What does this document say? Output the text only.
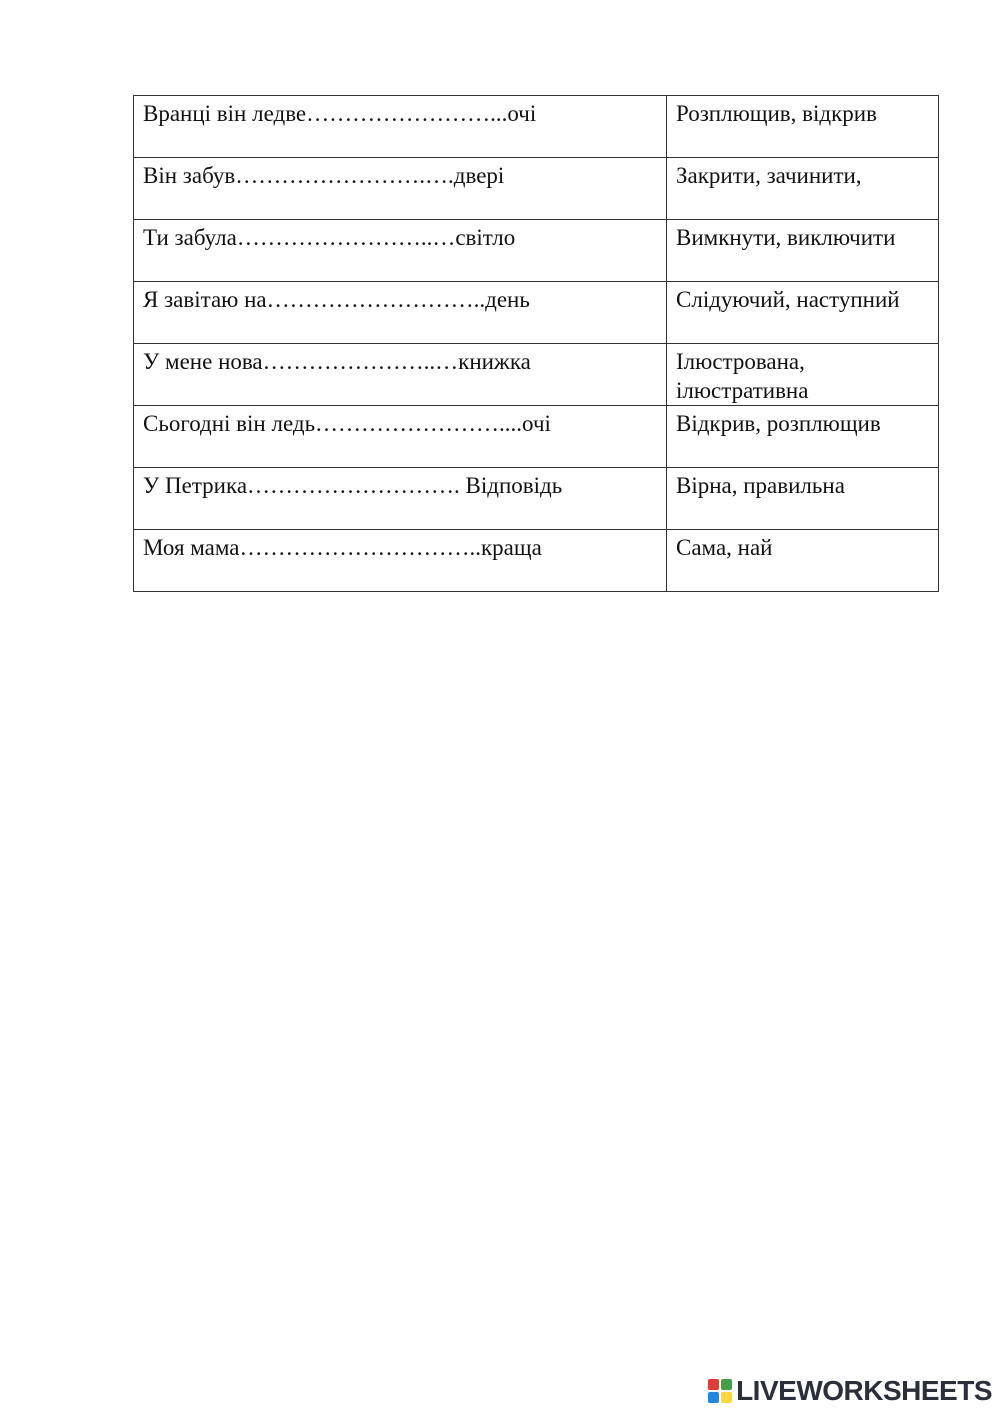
Вранці він ледве……………………...очі	Розплющив, відкрив
Він забув…………………….….двері	Закрити, зачинити,
Ти забула……………………..…світло	Вимкнути, виключити
Я завітаю на………………………..день	Слідуючий, наступний
У мене нова…………………..…книжка	Ілюстрована, ілюстративна
Сьогодні він ледь……………………....очі	Відкрив, розплющив
У Петрика………………………. Відповідь	Вірна, правильна
Моя мама…………………………..краща	Сама, най
LIVEWORKSHEETS
